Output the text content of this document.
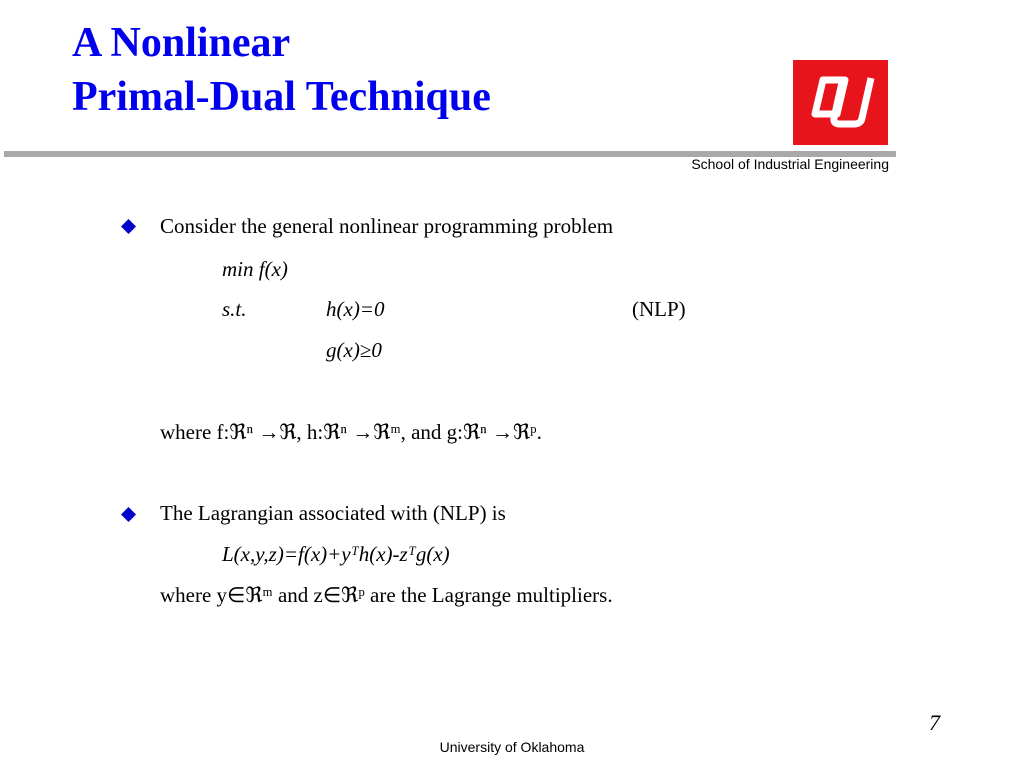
A Nonlinear
Primal-Dual Technique
School of Industrial Engineering
Consider the general nonlinear programming problem
min f(x)
s.t.	h(x)=0	(NLP)
g(x)≥0
where f:ℜⁿ →ℜ, h:ℜⁿ →ℜᵐ, and g:ℜⁿ →ℜᵖ.
The Lagrangian associated with (NLP) is
L(x,y,z)=f(x)+yᵀh(x)-zᵀg(x)
where y∈ℜᵐ and z∈ℜᵖ are the Lagrange multipliers.
7
University of Oklahoma
